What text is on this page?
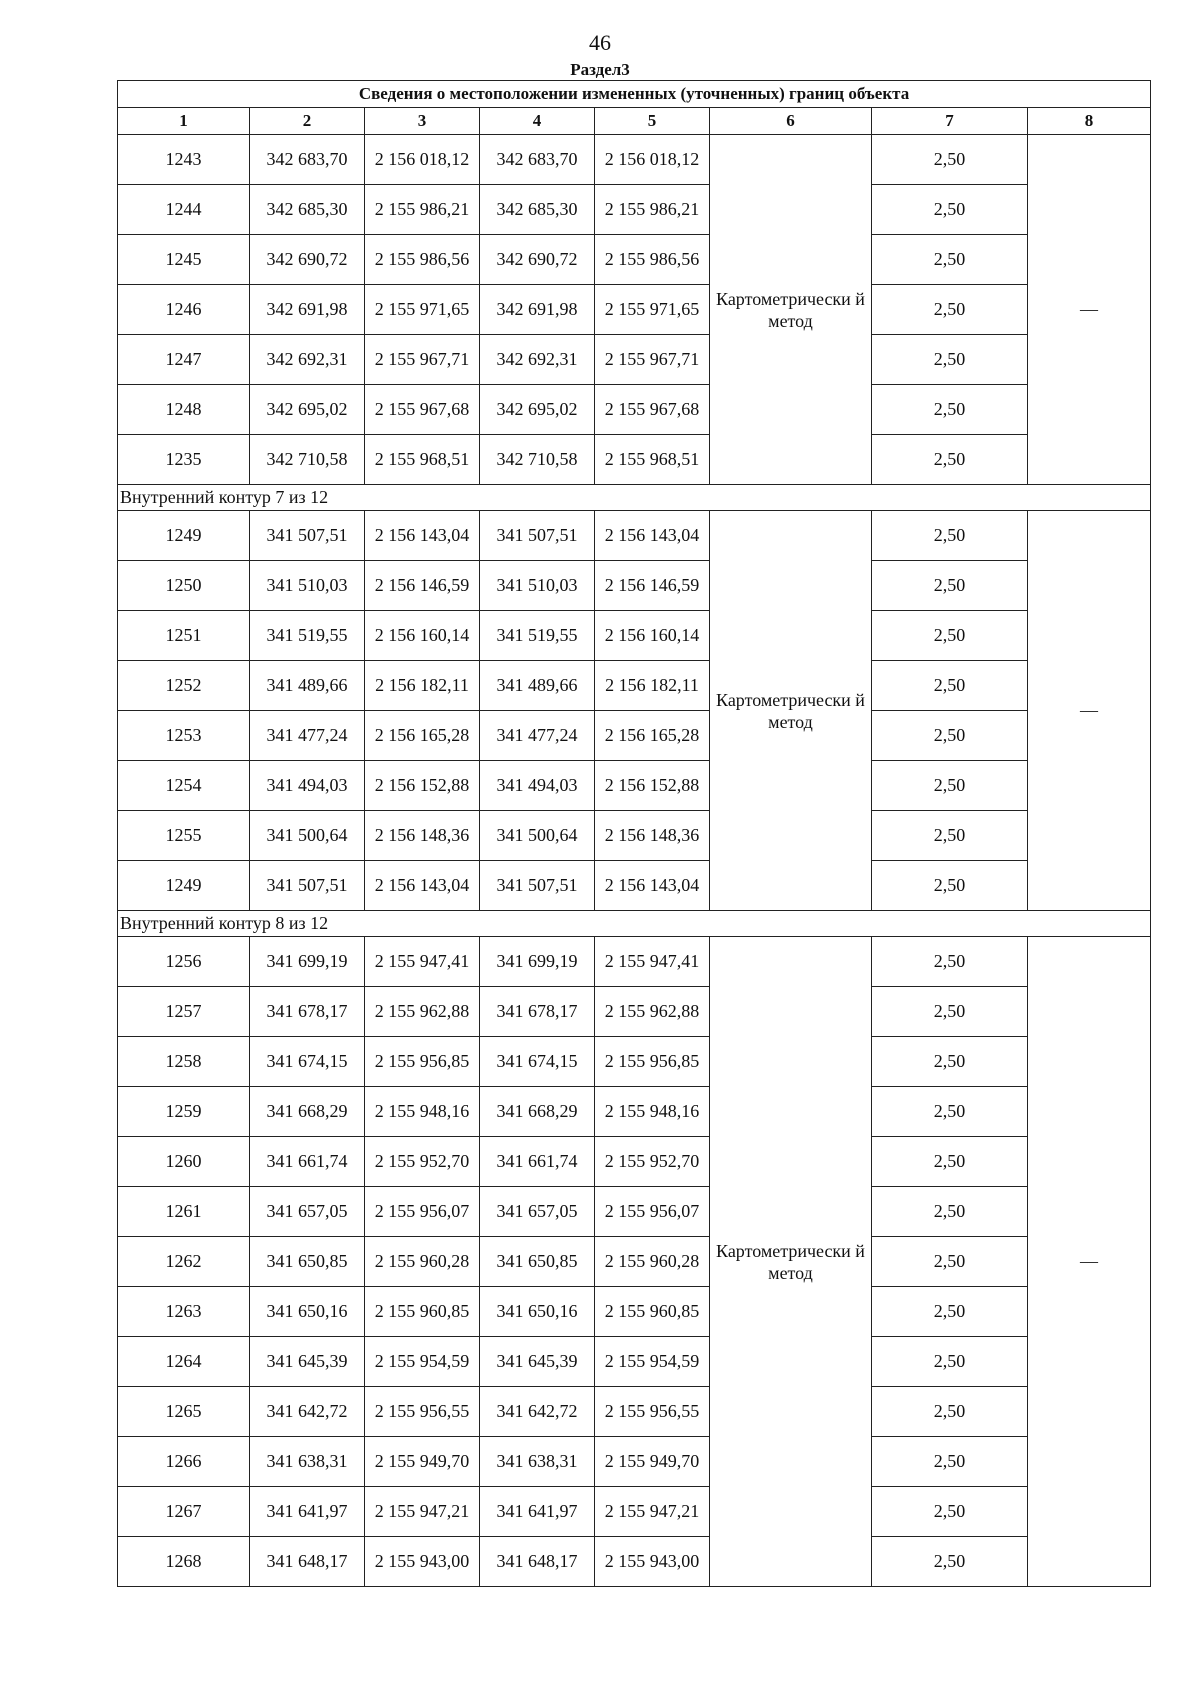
46
Раздел3
Сведения о местоположении измененных (уточненных) границ объекта							
1	2	3	4	5	6	7	8
1243	342 683,70	2 156 018,12	342 683,70	2 156 018,12	Картометрически й метод	2,50	—
1244	342 685,30	2 155 986,21	342 685,30	2 155 986,21		2,50	
1245	342 690,72	2 155 986,56	342 690,72	2 155 986,56		2,50	
1246	342 691,98	2 155 971,65	342 691,98	2 155 971,65		2,50	
1247	342 692,31	2 155 967,71	342 692,31	2 155 967,71		2,50	
1248	342 695,02	2 155 967,68	342 695,02	2 155 967,68		2,50	
1235	342 710,58	2 155 968,51	342 710,58	2 155 968,51		2,50	
Внутренний контур 7 из 12							
1249	341 507,51	2 156 143,04	341 507,51	2 156 143,04	Картометрически й метод	2,50	—
1250	341 510,03	2 156 146,59	341 510,03	2 156 146,59		2,50	
1251	341 519,55	2 156 160,14	341 519,55	2 156 160,14		2,50	
1252	341 489,66	2 156 182,11	341 489,66	2 156 182,11		2,50	
1253	341 477,24	2 156 165,28	341 477,24	2 156 165,28		2,50	
1254	341 494,03	2 156 152,88	341 494,03	2 156 152,88		2,50	
1255	341 500,64	2 156 148,36	341 500,64	2 156 148,36		2,50	
1249	341 507,51	2 156 143,04	341 507,51	2 156 143,04		2,50	
Внутренний контур 8 из 12							
1256	341 699,19	2 155 947,41	341 699,19	2 155 947,41	Картометрически й метод	2,50	—
1257	341 678,17	2 155 962,88	341 678,17	2 155 962,88		2,50	
1258	341 674,15	2 155 956,85	341 674,15	2 155 956,85		2,50	
1259	341 668,29	2 155 948,16	341 668,29	2 155 948,16		2,50	
1260	341 661,74	2 155 952,70	341 661,74	2 155 952,70		2,50	
1261	341 657,05	2 155 956,07	341 657,05	2 155 956,07		2,50	
1262	341 650,85	2 155 960,28	341 650,85	2 155 960,28		2,50	
1263	341 650,16	2 155 960,85	341 650,16	2 155 960,85		2,50	
1264	341 645,39	2 155 954,59	341 645,39	2 155 954,59		2,50	
1265	341 642,72	2 155 956,55	341 642,72	2 155 956,55		2,50	
1266	341 638,31	2 155 949,70	341 638,31	2 155 949,70		2,50	
1267	341 641,97	2 155 947,21	341 641,97	2 155 947,21		2,50	
1268	341 648,17	2 155 943,00	341 648,17	2 155 943,00		2,50	
